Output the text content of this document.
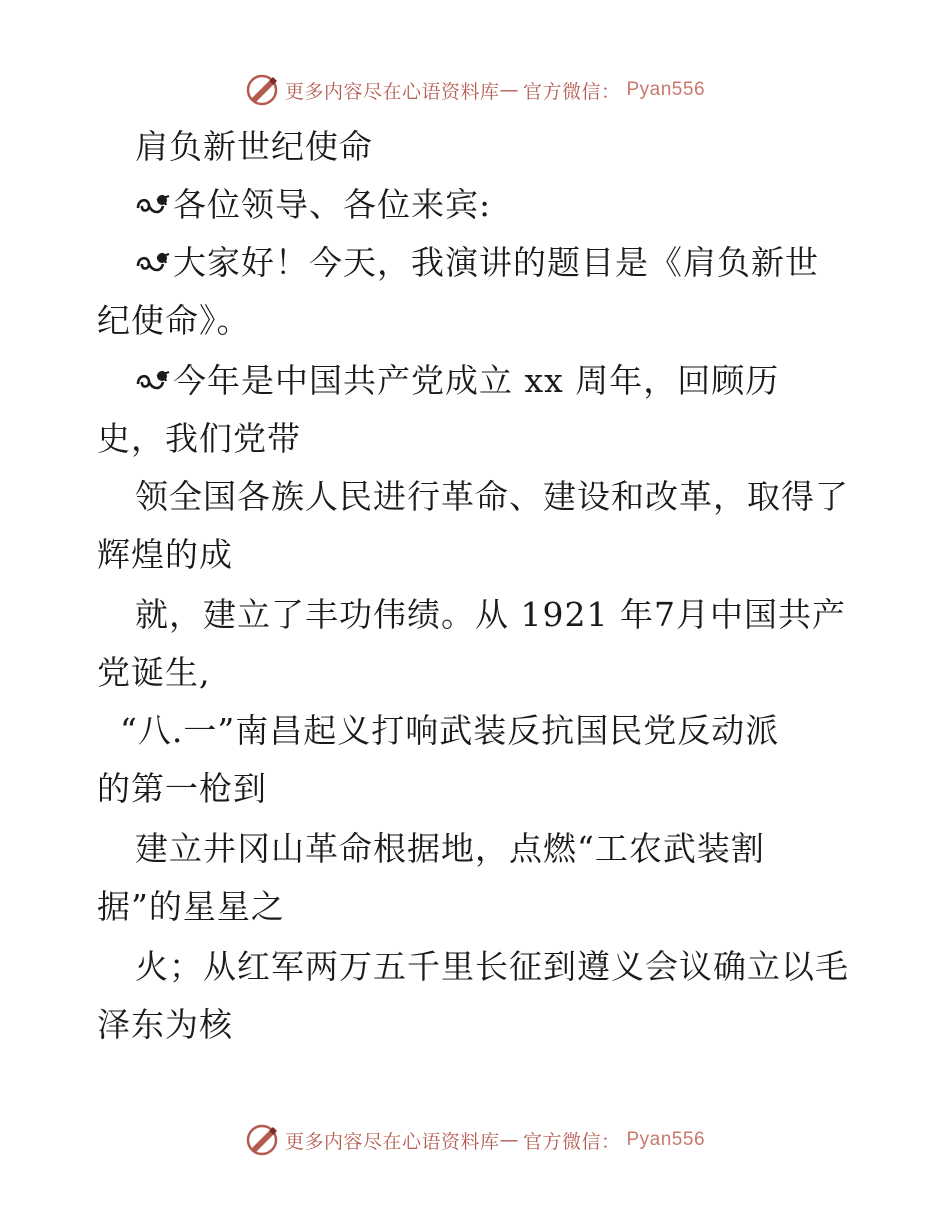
更多内容尽在心语资料库 — 官方微信： Pyan556
肩负新世纪使命
各位领导、各位来宾:
大家好！今天，我演讲的题目是《肩负新世
纪使命》。
今年是中国共产党成立 xx 周年，回顾历
史，我们党带
领全国各族人民进行革命、建设和改革，取得了
辉煌的成
就，建立了丰功伟绩。从 1921 年7月中国共产
党诞生,
“八.一”南昌起义打响武装反抗国民党反动派
的第一枪到
建立井冈山革命根据地，点燃“工农武装割
据”的星星之
火；从红军两万五千里长征到遵义会议确立以毛
泽东为核
更多内容尽在心语资料库 — 官方微信： Pyan556
